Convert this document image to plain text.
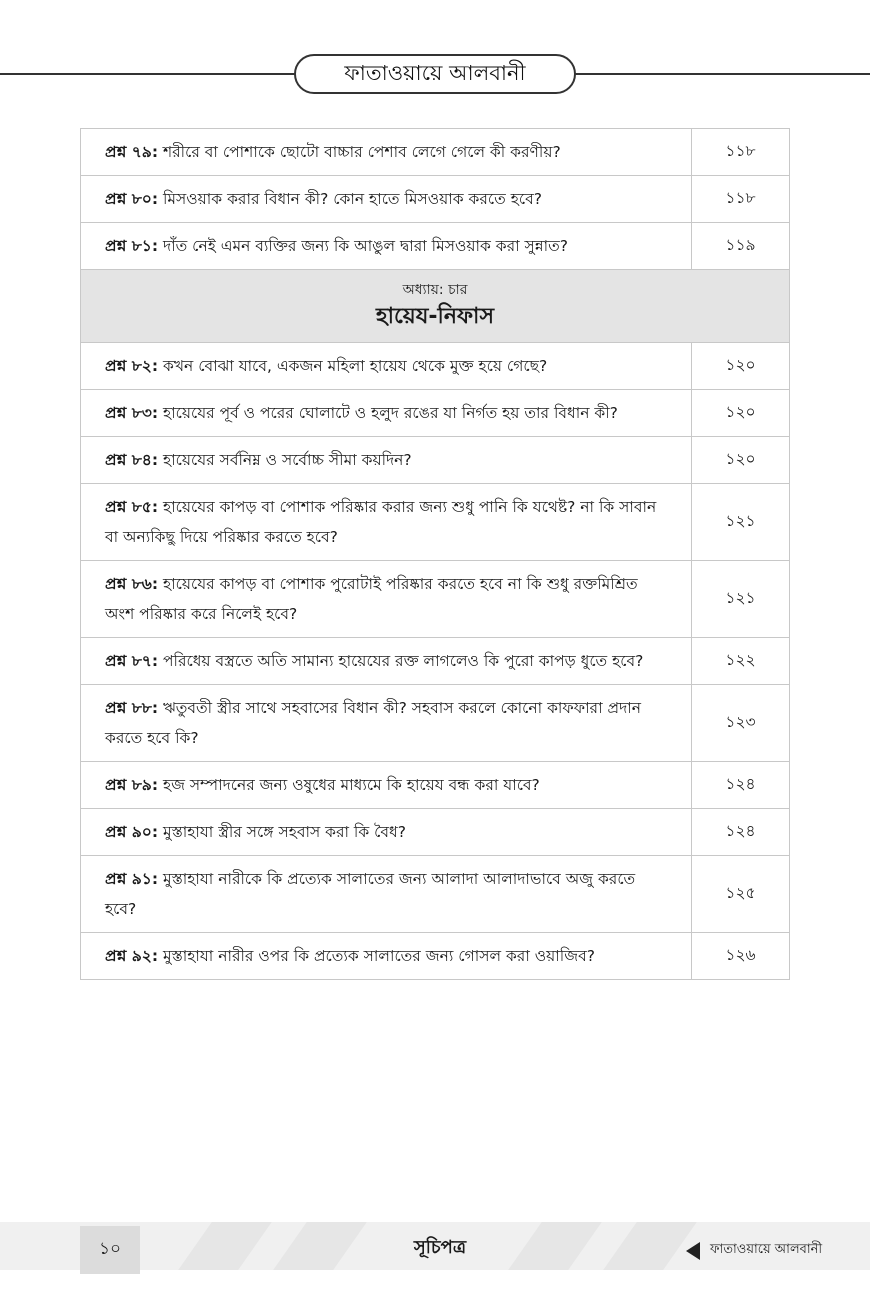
ফাতাওয়ায়ে আলবানী
প্রশ্ন ৭৯: শরীরে বা পোশাকে ছোটো বাচ্চার পেশাব লেগে গেলে কী করণীয়?	১১৮
প্রশ্ন ৮০: মিসওয়াক করার বিধান কী? কোন হাতে মিসওয়াক করতে হবে?	১১৮
প্রশ্ন ৮১: দাঁত নেই এমন ব্যক্তির জন্য কি আঙুল দ্বারা মিসওয়াক করা সুন্নাত?	১১৯

অধ্যায়: চার
হায়েয-নিফাস	

প্রশ্ন ৮২: কখন বোঝা যাবে, একজন মহিলা হায়েয থেকে মুক্ত হয়ে গেছে?	১২০
প্রশ্ন ৮৩: হায়েযের পূর্ব ও পরের ঘোলাটে ও হলুদ রঙের যা নির্গত হয় তার বিধান কী?	১২০
প্রশ্ন ৮৪: হায়েযের সর্বনিম্ন ও সর্বোচ্চ সীমা কয়দিন?	১২০
প্রশ্ন ৮৫: হায়েযের কাপড় বা পোশাক পরিষ্কার করার জন্য শুধু পানি কি যথেষ্ট? না কি সাবান বা অন্যকিছু দিয়ে পরিষ্কার করতে হবে?	১২১
প্রশ্ন ৮৬: হায়েযের কাপড় বা পোশাক পুরোটাই পরিষ্কার করতে হবে না কি শুধু রক্তমিশ্রিত অংশ পরিষ্কার করে নিলেই হবে?	১২১
প্রশ্ন ৮৭: পরিধেয় বস্ত্রতে অতি সামান্য হায়েযের রক্ত লাগলেও কি পুরো কাপড় ধুতে হবে?	১২২
প্রশ্ন ৮৮: ঋতুবতী স্ত্রীর সাথে সহবাসের বিধান কী? সহবাস করলে কোনো কাফফারা প্রদান করতে হবে কি?	১২৩
প্রশ্ন ৮৯: হজ সম্পাদনের জন্য ওষুধের মাধ্যমে কি হায়েয বন্ধ করা যাবে?	১২৪
প্রশ্ন ৯০: মুস্তাহাযা স্ত্রীর সঙ্গে সহবাস করা কি বৈধ?	১২৪
প্রশ্ন ৯১: মুস্তাহাযা নারীকে কি প্রত্যেক সালাতের জন্য আলাদা আলাদাভাবে অজু করতে হবে?	১২৫
প্রশ্ন ৯২: মুস্তাহাযা নারীর ওপর কি প্রত্যেক সালাতের জন্য গোসল করা ওয়াজিব?	১২৬
১০	সূচিপত্র	ফাতাওয়ায়ে আলবানী
